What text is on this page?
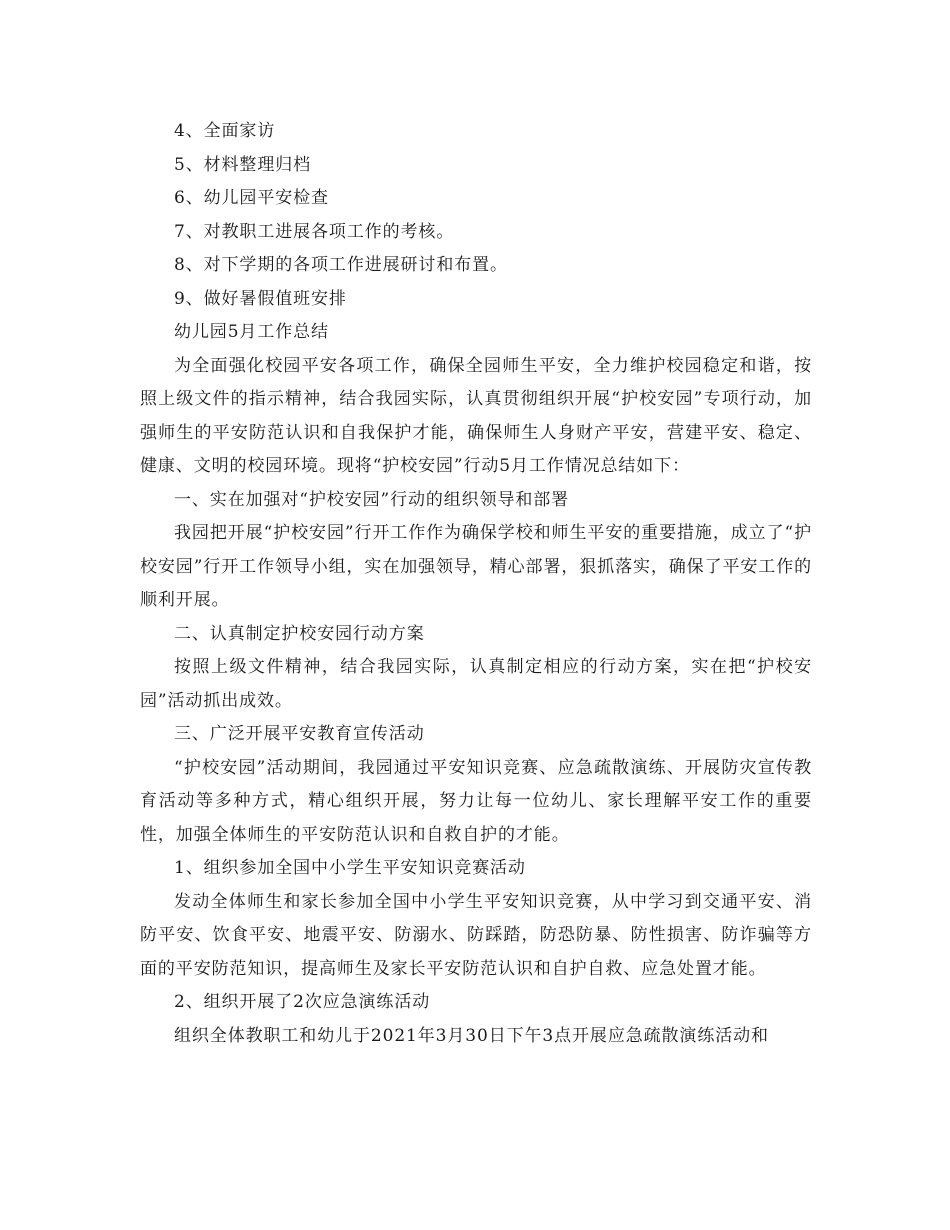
4、全面家访

5、材料整理归档

6、幼儿园平安检查

7、对教职工进展各项工作的考核。

8、对下学期的各项工作进展研讨和布置。

9、做好暑假值班安排

幼儿园5月工作总结

为全面强化校园平安各项工作，确保全园师生平安，全力维护校园稳定和谐，按照上级文件的指示精神，结合我园实际，认真贯彻组织开展“护校安园”专项行动，加强师生的平安防范认识和自我保护才能，确保师生人身财产平安，营建平安、稳定、健康、文明的校园环境。现将“护校安园”行动5月工作情况总结如下：

一、实在加强对“护校安园”行动的组织领导和部署

我园把开展“护校安园”行开工作作为确保学校和师生平安的重要措施，成立了“护校安园”行开工作领导小组，实在加强领导，精心部署，狠抓落实，确保了平安工作的顺利开展。

二、认真制定护校安园行动方案

按照上级文件精神，结合我园实际，认真制定相应的行动方案，实在把“护校安园”活动抓出成效。

三、广泛开展平安教育宣传活动

“护校安园”活动期间，我园通过平安知识竞赛、应急疏散演练、开展防灾宣传教育活动等多种方式，精心组织开展，努力让每一位幼儿、家长理解平安工作的重要性，加强全体师生的平安防范认识和自救自护的才能。

1、组织参加全国中小学生平安知识竞赛活动

发动全体师生和家长参加全国中小学生平安知识竞赛，从中学习到交通平安、消防平安、饮食平安、地震平安、防溺水、防踩踏，防恐防暴、防性损害、防诈骗等方面的平安防范知识，提高师生及家长平安防范认识和自护自救、应急处置才能。

2、组织开展了2次应急演练活动

组织全体教职工和幼儿于2021年3月30日下午3点开展应急疏散演练活动和
